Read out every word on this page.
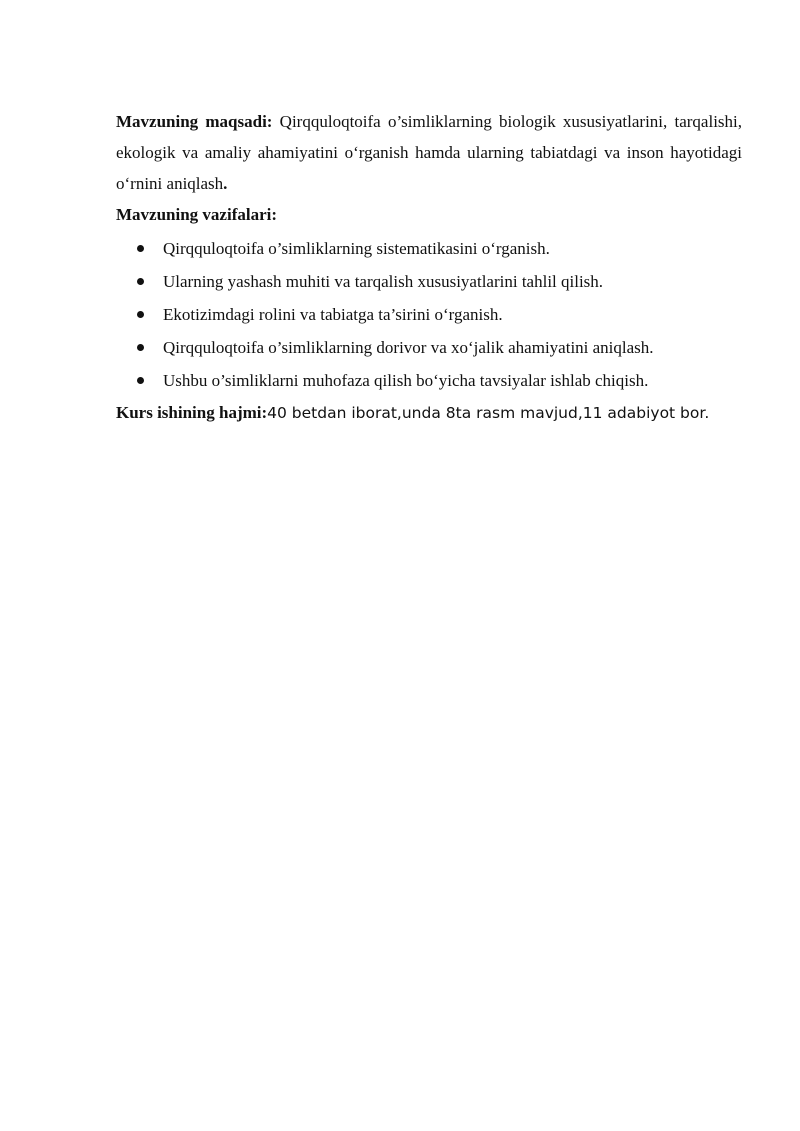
Mavzuning maqsadi: Qirqquloqtoifa o’simliklarning biologik xususiyatlarini, tarqalishi, ekologik va amaliy ahamiyatini o‘rganish hamda ularning tabiatdagi va inson hayotidagi o‘rnini aniqlash.

Mavzuning vazifalari:

Qirqquloqtoifa o’simliklarning sistematikasini o‘rganish.
Ularning yashash muhiti va tarqalish xususiyatlarini tahlil qilish.
Ekotizimdagi rolini va tabiatga ta’sirini o‘rganish.
Qirqquloqtoifa o’simliklarning dorivor va xo‘jalik ahamiyatini aniqlash.
Ushbu o’simliklarni muhofaza qilish bo‘yicha tavsiyalar ishlab chiqish.

Kurs ishining hajmi:40 betdan iborat,unda 8ta rasm mavjud,11 adabiyot bor.
